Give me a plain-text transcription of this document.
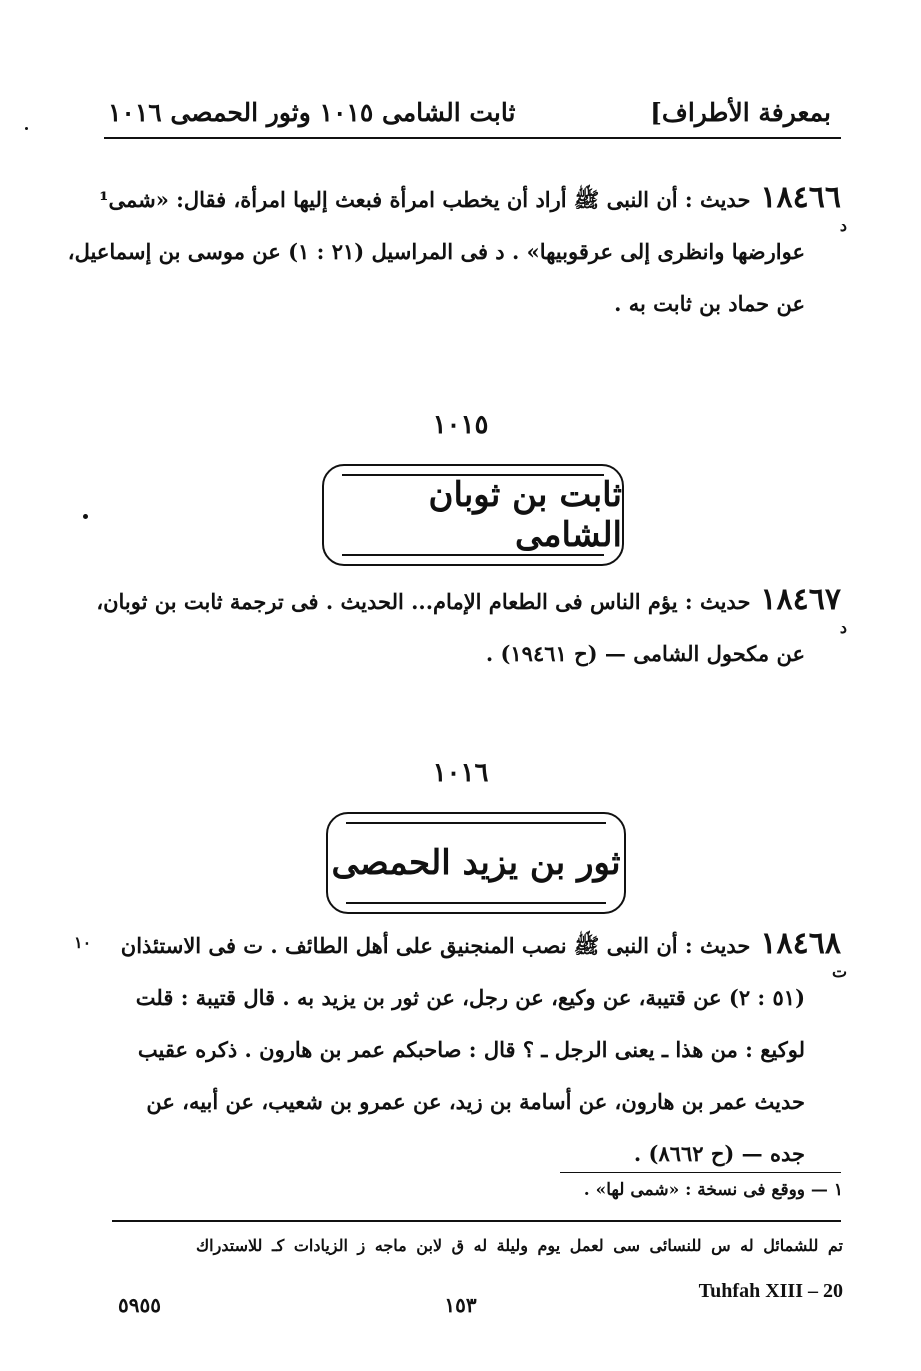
بمعرفة الأطراف]
ثابت الشامى ١٠١٥ وثور الحمصى ١٠١٦
١٨٤٦٦حديث : أن النبى ﷺ أراد أن يخطب امرأة فبعث إليها امرأة، فقال: «شمى¹
عوارضها وانظرى إلى عرقوبيها» . د فى المراسيل (٢١ : ١) عن موسى بن إسماعيل،
عن حماد بن ثابت به .
د
١٠١٥
ثابت بن ثوبان الشامى
١٨٤٦٧حديث : يؤم الناس فى الطعام الإمام... الحديث . فى ترجمة ثابت بن ثوبان،
عن مكحول الشامى — (ح ١٩٤٦١) .
د
١٠١٦
ثور بن يزيد الحمصى
١٨٤٦٨حديث : أن النبى ﷺ نصب المنجنيق على أهل الطائف . ت فى الاستئذان
(٥١ : ٢) عن قتيبة، عن وكيع، عن رجل، عن ثور بن يزيد به . قال قتيبة : قلت
لوكيع : من هذا ـ يعنى الرجل ـ ؟ قال : صاحبكم عمر بن هارون . ذكره عقيب
حديث عمر بن هارون، عن أسامة بن زيد، عن عمرو بن شعيب، عن أبيه، عن
جده — (ح ٨٦٦٢) .
ت
١٠
١ — ووقع فى نسخة : «شمى لها» .
تم للشمائل له س للنسائى سى لعمل يوم وليلة له ق لابن ماجه ز الزيادات كـ للاستدراك
Tuhfah XIII – 20
١٥٣
٥٩٥٥
